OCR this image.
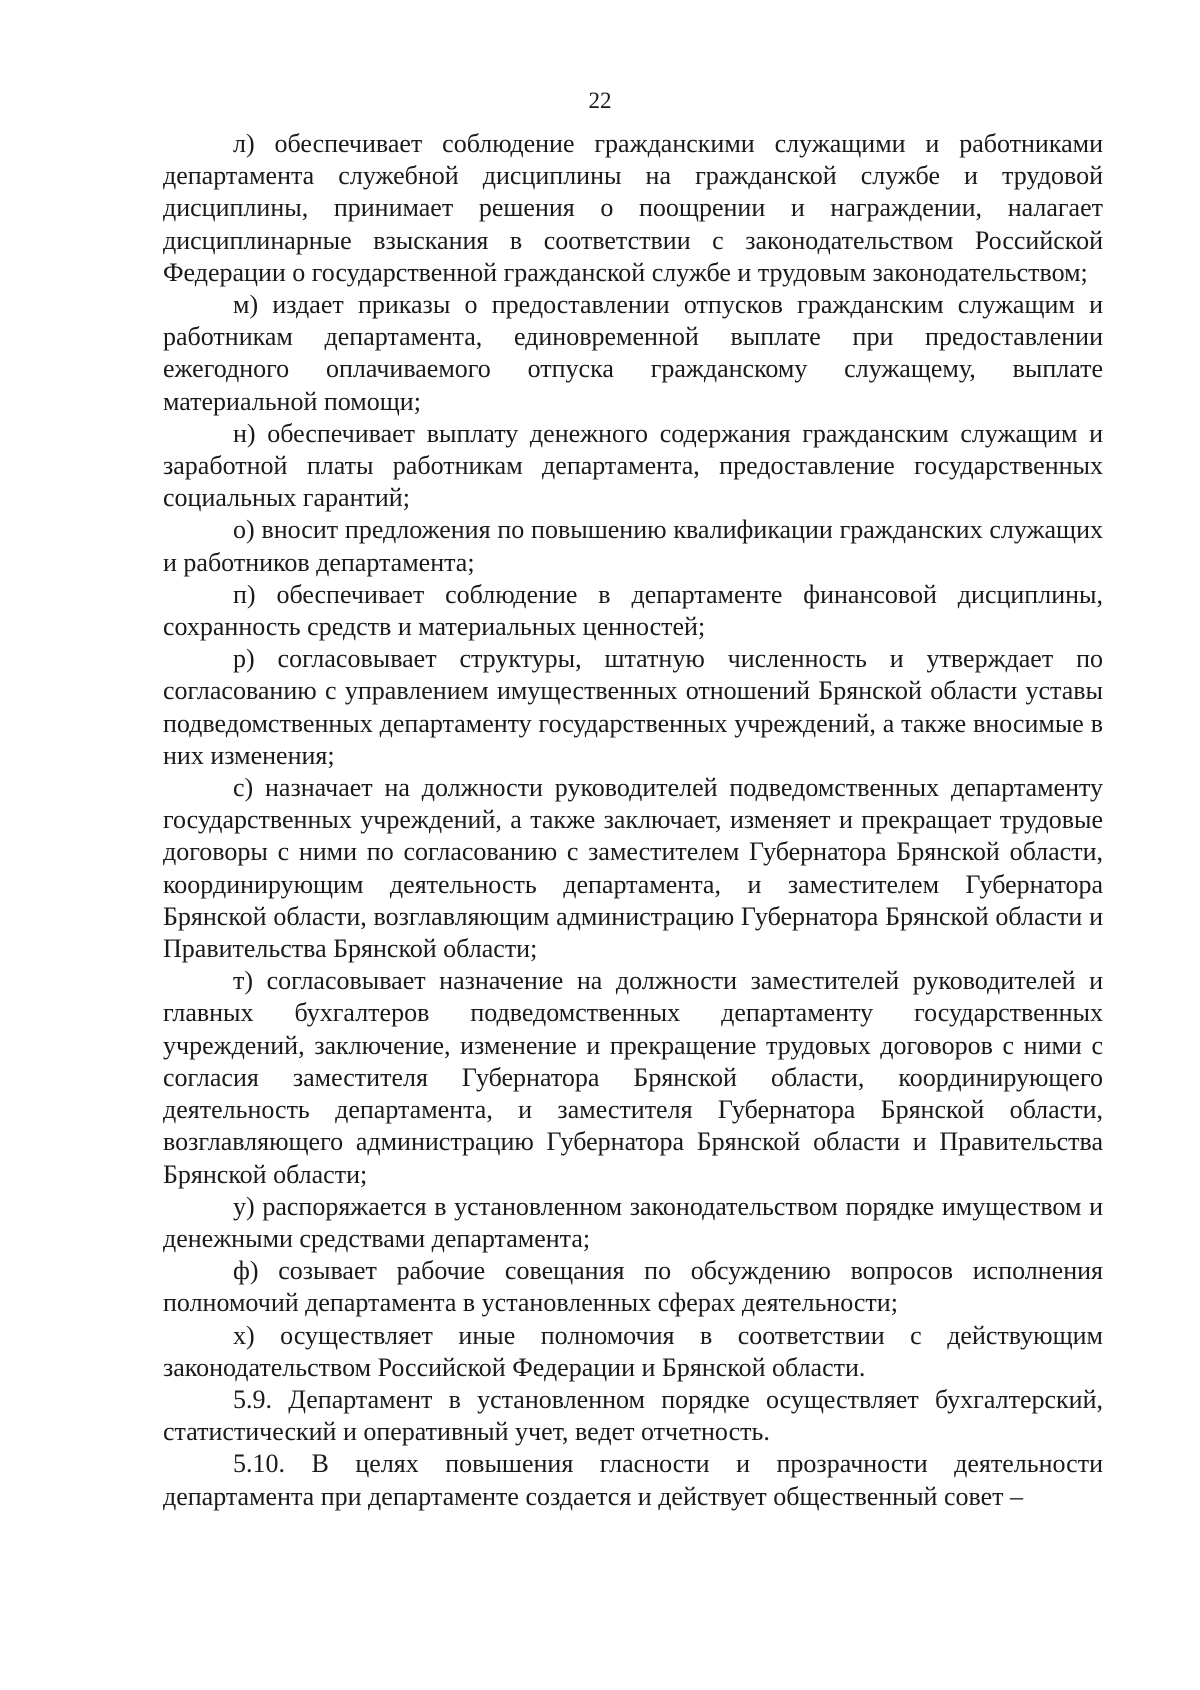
22

л) обеспечивает соблюдение гражданскими служащими и работниками департамента служебной дисциплины на гражданской службе и трудовой дисциплины, принимает решения о поощрении и награждении, налагает дисциплинарные взыскания в соответствии с законодательством Российской Федерации о государственной гражданской службе и трудовым законодательством;

м) издает приказы о предоставлении отпусков гражданским служащим и работникам департамента, единовременной выплате при предоставлении ежегодного оплачиваемого отпуска гражданскому служащему, выплате материальной помощи;

н) обеспечивает выплату денежного содержания гражданским служащим и заработной платы работникам департамента, предоставление государственных социальных гарантий;

о) вносит предложения по повышению квалификации гражданских служащих и работников департамента;

п) обеспечивает соблюдение в департаменте финансовой дисциплины, сохранность средств и материальных ценностей;

р) согласовывает структуры, штатную численность и утверждает по согласованию с управлением имущественных отношений Брянской области уставы подведомственных департаменту государственных учреждений, а также вносимые в них изменения;

с) назначает на должности руководителей подведомственных департаменту государственных учреждений, а также заключает, изменяет и прекращает трудовые договоры с ними по согласованию с заместителем Губернатора Брянской области, координирующим деятельность департамента, и заместителем Губернатора Брянской области, возглавляющим администрацию Губернатора Брянской области и Правительства Брянской области;

т) согласовывает назначение на должности заместителей руководителей и главных бухгалтеров подведомственных департаменту государственных учреждений, заключение, изменение и прекращение трудовых договоров с ними с согласия заместителя Губернатора Брянской области, координирующего деятельность департамента, и заместителя Губернатора Брянской области, возглавляющего администрацию Губернатора Брянской области и Правительства Брянской области;

у) распоряжается в установленном законодательством порядке имуществом и денежными средствами департамента;

ф) созывает рабочие совещания по обсуждению вопросов исполнения полномочий департамента в установленных сферах деятельности;

х) осуществляет иные полномочия в соответствии с действующим законодательством Российской Федерации и Брянской области.

5.9. Департамент в установленном порядке осуществляет бухгалтерский, статистический и оперативный учет, ведет отчетность.

5.10. В целях повышения гласности и прозрачности деятельности департамента при департаменте создается и действует общественный совет –
